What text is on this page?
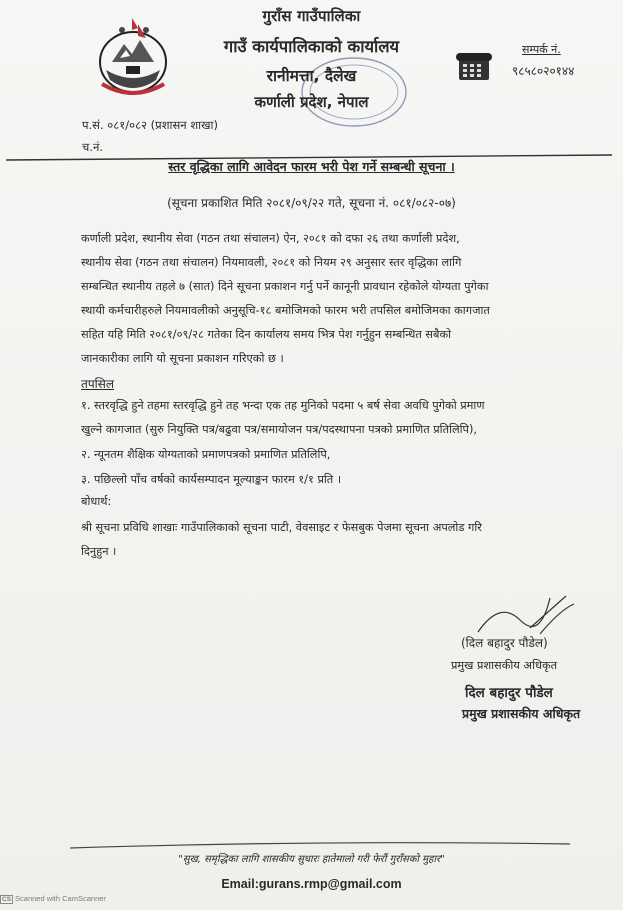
गुराँस गाउँपालिका
गाउँ कार्यपालिकाको कार्यालय
रानीमत्ता, दैलेख
कर्णाली प्रदेश, नेपाल
सम्पर्क नं.
९८५८०२०१४४
प.सं. ०८१/०८२ (प्रशासन शाखा)
च.नं.
स्तर वृद्धिका लागि आवेदन फारम भरी पेश गर्ने सम्बन्धी सूचना ।
(सूचना प्रकाशित मिति २०८१/०९/२२ गते, सूचना नं. ०८१/०८२-०७)
कर्णाली प्रदेश, स्थानीय सेवा (गठन तथा संचालन) ऐन, २०८१ को दफा २६ तथा कर्णाली प्रदेश,
स्थानीय सेवा (गठन तथा संचालन) नियमावली, २०८१ को नियम २९ अनुसार स्तर वृद्धिका लागि
सम्बन्धित स्थानीय तहले ७ (सात) दिने सूचना प्रकाशन गर्नु पर्ने कानूनी प्रावधान रहेकोले योग्यता पुगेका
स्थायी कर्मचारीहरुले नियमावलीको अनुसूचि-१८ बमोजिमको फारम भरी तपसिल बमोजिमका कागजात
सहित यहि मिति २०८१/०९/२८ गतेका दिन कार्यालय समय भित्र पेश गर्नुहुन सम्बन्धित सबैको
जानकारीका लागि यो सूचना प्रकाशन गरिएको छ ।
तपसिल
१. स्तरवृद्धि हुने तहमा स्तरवृद्धि हुने तह भन्दा एक तह मुनिको पदमा ५ बर्ष सेवा अवधि पुगेको प्रमाण
खुल्ने कागजात (सुरु नियुक्ति पत्र/बढुवा पत्र/समायोजन पत्र/पदस्थापना पत्रको प्रमाणित प्रतिलिपि),
२. न्यूनतम शैक्षिक योग्यताको प्रमाणपत्रको प्रमाणित प्रतिलिपि,
३. पछिल्लो पाँच वर्षको कार्यसम्पादन मूल्याङ्कन फारम १/१ प्रति ।
बोधार्थ:
श्री सूचना प्रविधि शाखाः गाउँपालिकाको सूचना पाटी, वेवसाइट र फेसबुक पेजमा सूचना अपलोड गरि
दिनुहुन ।
(दिल बहादुर पौडेल)
प्रमुख प्रशासकीय अधिकृत
दिल बहादुर पौडेल
प्रमुख प्रशासकीय अधिकृत
"सुख, समृद्धिका लागि शासकीय सुधारः हातेमालो गरी फेरौं गुराँसको मुहार"
Email:gurans.rmp@gmail.com
CS Scanned with CamScanner
